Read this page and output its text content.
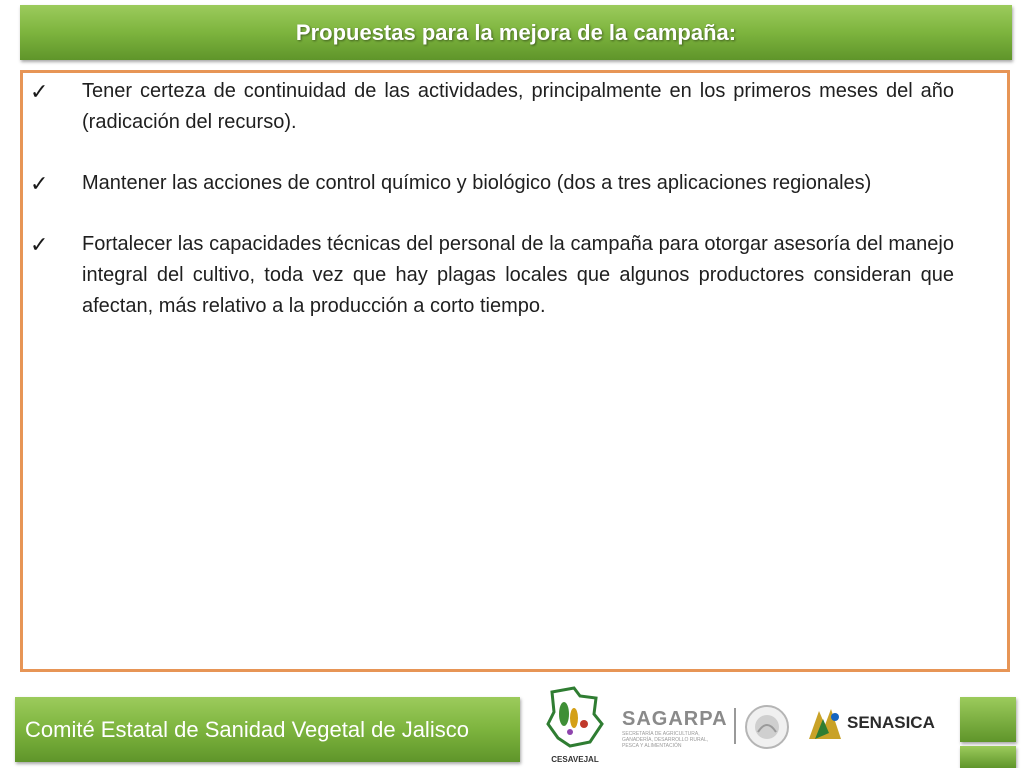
Propuestas para la mejora de la campaña:
✓ Tener certeza de continuidad de las actividades, principalmente en los primeros meses del año (radicación del recurso).
✓ Mantener las acciones de control químico y biológico (dos a tres aplicaciones regionales)
✓ Fortalecer las capacidades técnicas del personal de la campaña para otorgar asesoría del manejo integral del cultivo, toda vez que hay plagas locales que algunos productores consideran que afectan, más relativo a la producción a corto tiempo.
Comité Estatal de Sanidad Vegetal de Jalisco
CESAVEJAL
SAGARPA
SECRETARÍA DE AGRICULTURA, GANADERÍA, DESARROLLO RURAL, PESCA Y ALIMENTACIÓN
SENASICA
